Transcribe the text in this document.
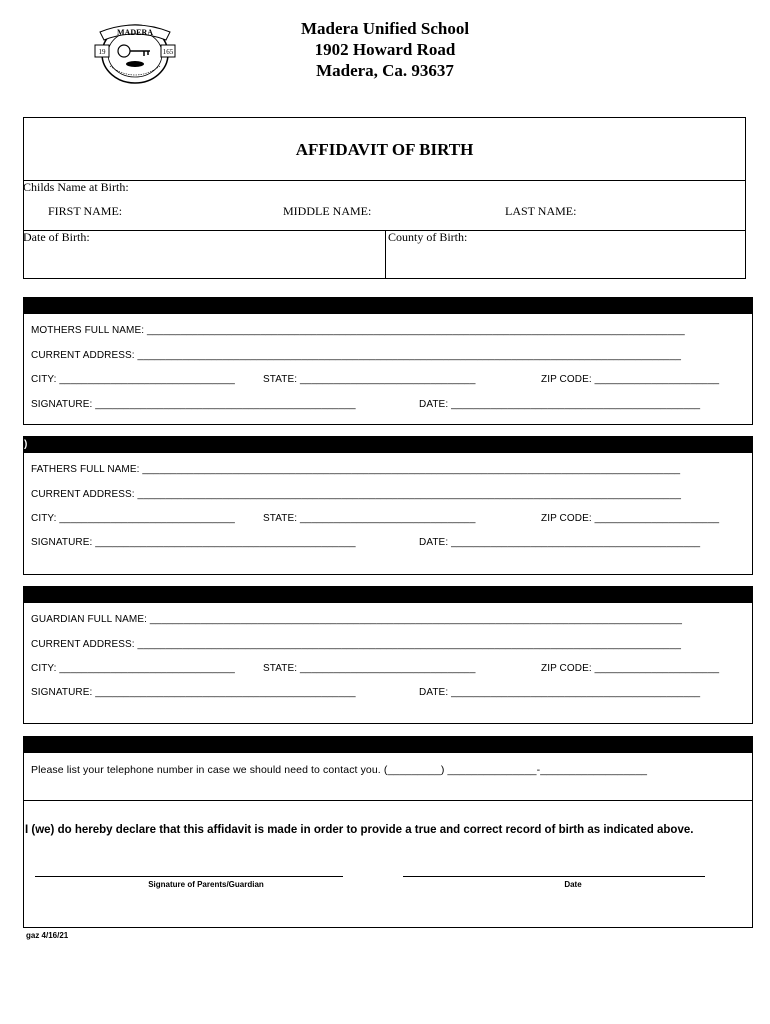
MADERA
19	165
Madera Unified School
1902 Howard Road
Madera, Ca. 93637
AFFIDAVIT OF BIRTH
Childs Name at Birth:
FIRST NAME:	MIDDLE NAME:	LAST NAME:
Date of Birth:	County of Birth:
MOTHERS FULL NAME: _______________________________________________________________________________________________
CURRENT ADDRESS: ________________________________________________________________________________________________
CITY: _______________________________	STATE: _______________________________	ZIP CODE: ______________________
SIGNATURE: ______________________________________________	DATE: ____________________________________________
)
FATHERS FULL NAME: _______________________________________________________________________________________________
CURRENT ADDRESS: ________________________________________________________________________________________________
CITY: _______________________________	STATE: _______________________________	ZIP CODE: ______________________
SIGNATURE: ______________________________________________	DATE: ____________________________________________
GUARDIAN FULL NAME: ______________________________________________________________________________________________
CURRENT ADDRESS: ________________________________________________________________________________________________
CITY: _______________________________	STATE: _______________________________	ZIP CODE: ______________________
SIGNATURE: ______________________________________________	DATE: ____________________________________________
Please list your telephone number in case we should need to contact you. (_________) _______________-__________________
I (we) do hereby declare that this affidavit is made in order to provide a true and correct record of birth as indicated above.
Signature of Parents/Guardian	Date
gaz 4/16/21
